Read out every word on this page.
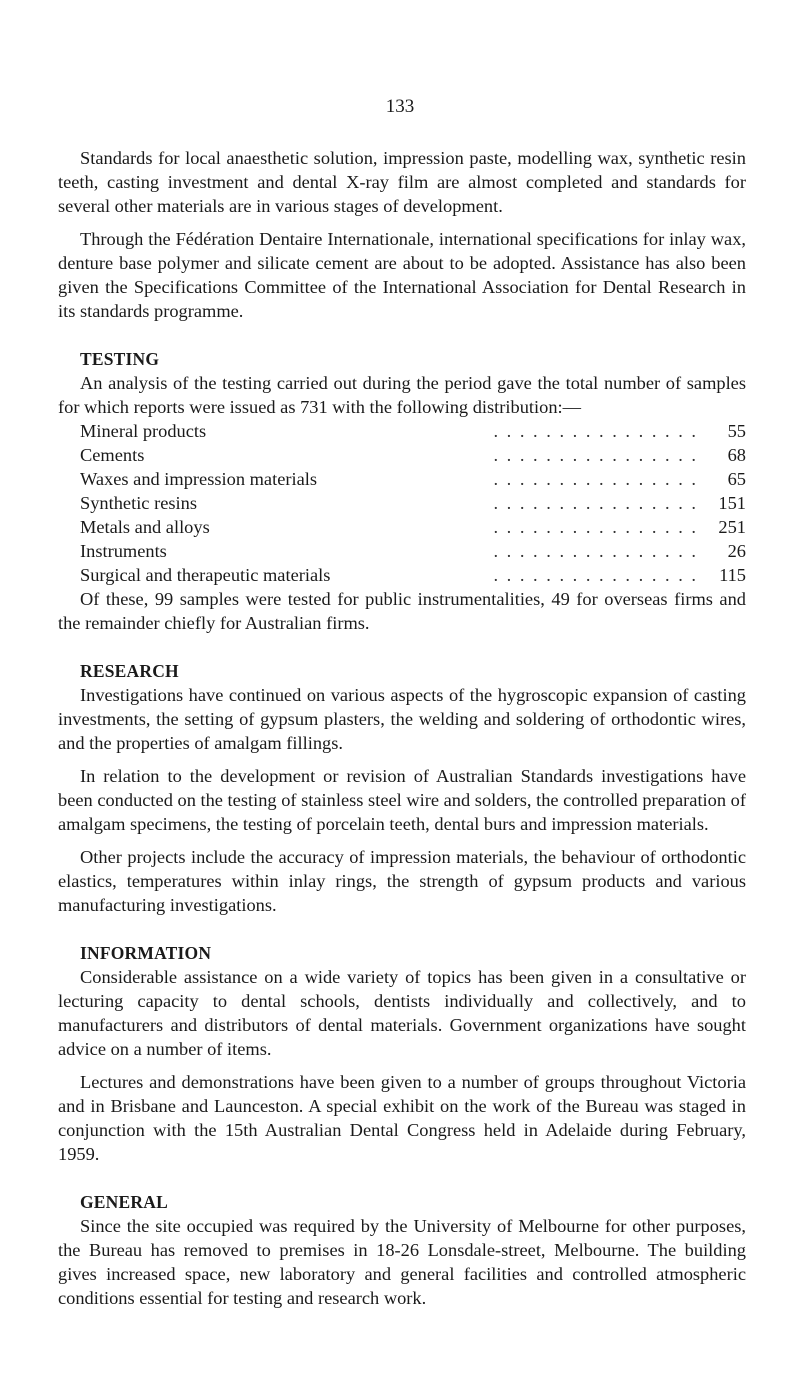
133

Standards for local anaesthetic solution, impression paste, modelling wax, synthetic resin teeth, casting investment and dental X-ray film are almost completed and standards for several other materials are in various stages of development.

Through the Fédération Dentaire Internationale, international specifications for inlay wax, denture base polymer and silicate cement are about to be adopted. Assistance has also been given the Specifications Committee of the International Association for Dental Research in its standards programme.

TESTING

An analysis of the testing carried out during the period gave the total number of samples for which reports were issued as 731 with the following distribution:—

Mineral products	. . . . . . . . . . . . . . . .	55
Cements	. . . . . . . . . . . . . . . .	68
Waxes and impression materials	. . . . . . . . . . . . . . . .	65
Synthetic resins	. . . . . . . . . . . . . . . .	151
Metals and alloys	. . . . . . . . . . . . . . . .	251
Instruments	. . . . . . . . . . . . . . . .	26
Surgical and therapeutic materials	. . . . . . . . . . . . . . . .	115

Of these, 99 samples were tested for public instrumentalities, 49 for overseas firms and the remainder chiefly for Australian firms.

RESEARCH

Investigations have continued on various aspects of the hygroscopic expansion of casting investments, the setting of gypsum plasters, the welding and soldering of orthodontic wires, and the properties of amalgam fillings.

In relation to the development or revision of Australian Standards investigations have been conducted on the testing of stainless steel wire and solders, the controlled preparation of amalgam specimens, the testing of porcelain teeth, dental burs and impression materials.

Other projects include the accuracy of impression materials, the behaviour of orthodontic elastics, temperatures within inlay rings, the strength of gypsum products and various manufacturing investigations.

INFORMATION

Considerable assistance on a wide variety of topics has been given in a consultative or lecturing capacity to dental schools, dentists individually and collectively, and to manufacturers and distributors of dental materials. Government organizations have sought advice on a number of items.

Lectures and demonstrations have been given to a number of groups throughout Victoria and in Brisbane and Launceston. A special exhibit on the work of the Bureau was staged in conjunction with the 15th Australian Dental Congress held in Adelaide during February, 1959.

GENERAL

Since the site occupied was required by the University of Melbourne for other purposes, the Bureau has removed to premises in 18-26 Lonsdale-street, Melbourne. The building gives increased space, new laboratory and general facilities and controlled atmospheric conditions essential for testing and research work.
